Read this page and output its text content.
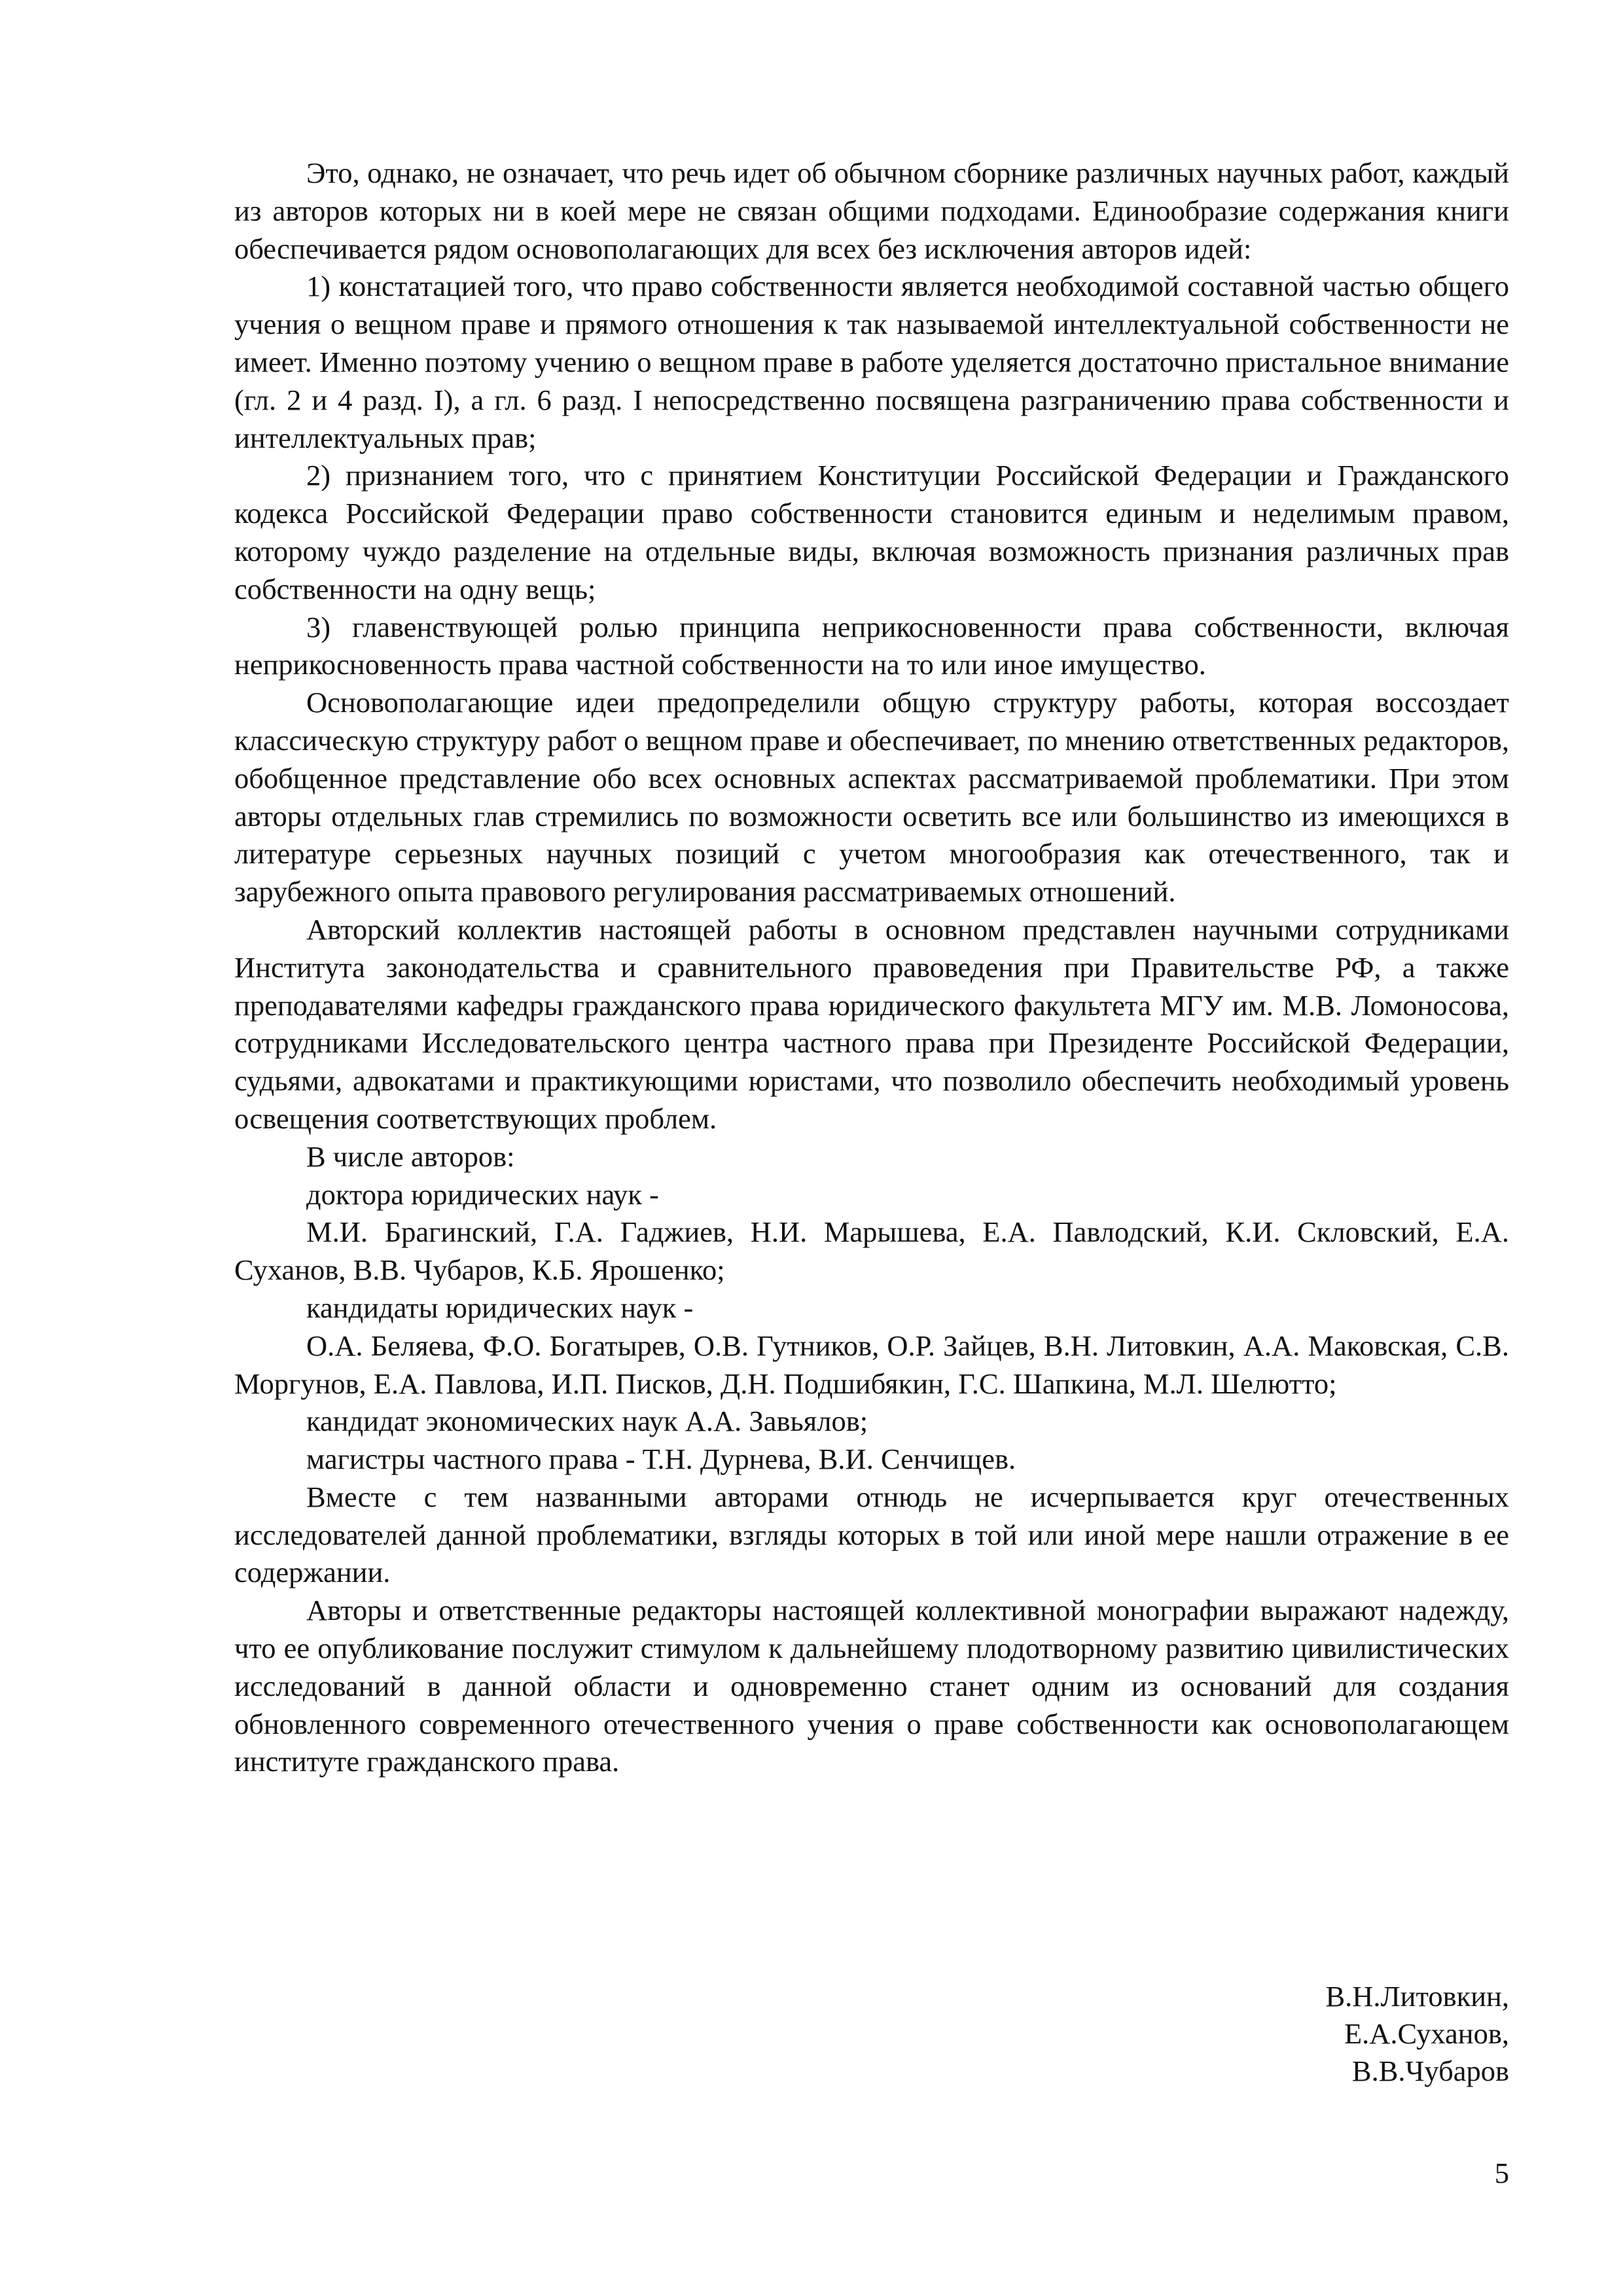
Это, однако, не означает, что речь идет об обычном сборнике различных научных работ, каждый из авторов которых ни в коей мере не связан общими подходами. Единообразие содержания книги обеспечивается рядом основополагающих для всех без исключения авторов идей:

1) констатацией того, что право собственности является необходимой составной частью общего учения о вещном праве и прямого отношения к так называемой интеллектуальной собственности не имеет. Именно поэтому учению о вещном праве в работе уделяется достаточно пристальное внимание (гл. 2 и 4 разд. I), а гл. 6 разд. I непосредственно посвящена разграничению права собственности и интеллектуальных прав;

2) признанием того, что с принятием Конституции Российской Федерации и Гражданского кодекса Российской Федерации право собственности становится единым и неделимым правом, которому чуждо разделение на отдельные виды, включая возможность признания различных прав собственности на одну вещь;

3) главенствующей ролью принципа неприкосновенности права собственности, включая неприкосновенность права частной собственности на то или иное имущество.

Основополагающие идеи предопределили общую структуру работы, которая воссоздает классическую структуру работ о вещном праве и обеспечивает, по мнению ответственных редакторов, обобщенное представление обо всех основных аспектах рассматриваемой проблематики. При этом авторы отдельных глав стремились по возможности осветить все или большинство из имеющихся в литературе серьезных научных позиций с учетом многообразия как отечественного, так и зарубежного опыта правового регулирования рассматриваемых отношений.

Авторский коллектив настоящей работы в основном представлен научными сотрудниками Института законодательства и сравнительного правоведения при Правительстве РФ, а также преподавателями кафедры гражданского права юридического факультета МГУ им. М.В. Ломоносова, сотрудниками Исследовательского центра частного права при Президенте Российской Федерации, судьями, адвокатами и практикующими юристами, что позволило обеспечить необходимый уровень освещения соответствующих проблем.

В числе авторов:

доктора юридических наук -

М.И. Брагинский, Г.А. Гаджиев, Н.И. Марышева, Е.А. Павлодский, К.И. Скловский, Е.А. Суханов, В.В. Чубаров, К.Б. Ярошенко;

кандидаты юридических наук -

О.А. Беляева, Ф.О. Богатырев, О.В. Гутников, О.Р. Зайцев, В.Н. Литовкин, А.А. Маковская, С.В. Моргунов, Е.А. Павлова, И.П. Писков, Д.Н. Подшибякин, Г.С. Шапкина, М.Л. Шелютто;

кандидат экономических наук А.А. Завьялов;

магистры частного права - Т.Н. Дурнева, В.И. Сенчищев.

Вместе с тем названными авторами отнюдь не исчерпывается круг отечественных исследователей данной проблематики, взгляды которых в той или иной мере нашли отражение в ее содержании.

Авторы и ответственные редакторы настоящей коллективной монографии выражают надежду, что ее опубликование послужит стимулом к дальнейшему плодотворному развитию цивилистических исследований в данной области и одновременно станет одним из оснований для создания обновленного современного отечественного учения о праве собственности как основополагающем институте гражданского права.

В.Н.Литовкин,
Е.А.Суханов,
В.В.Чубаров
5
